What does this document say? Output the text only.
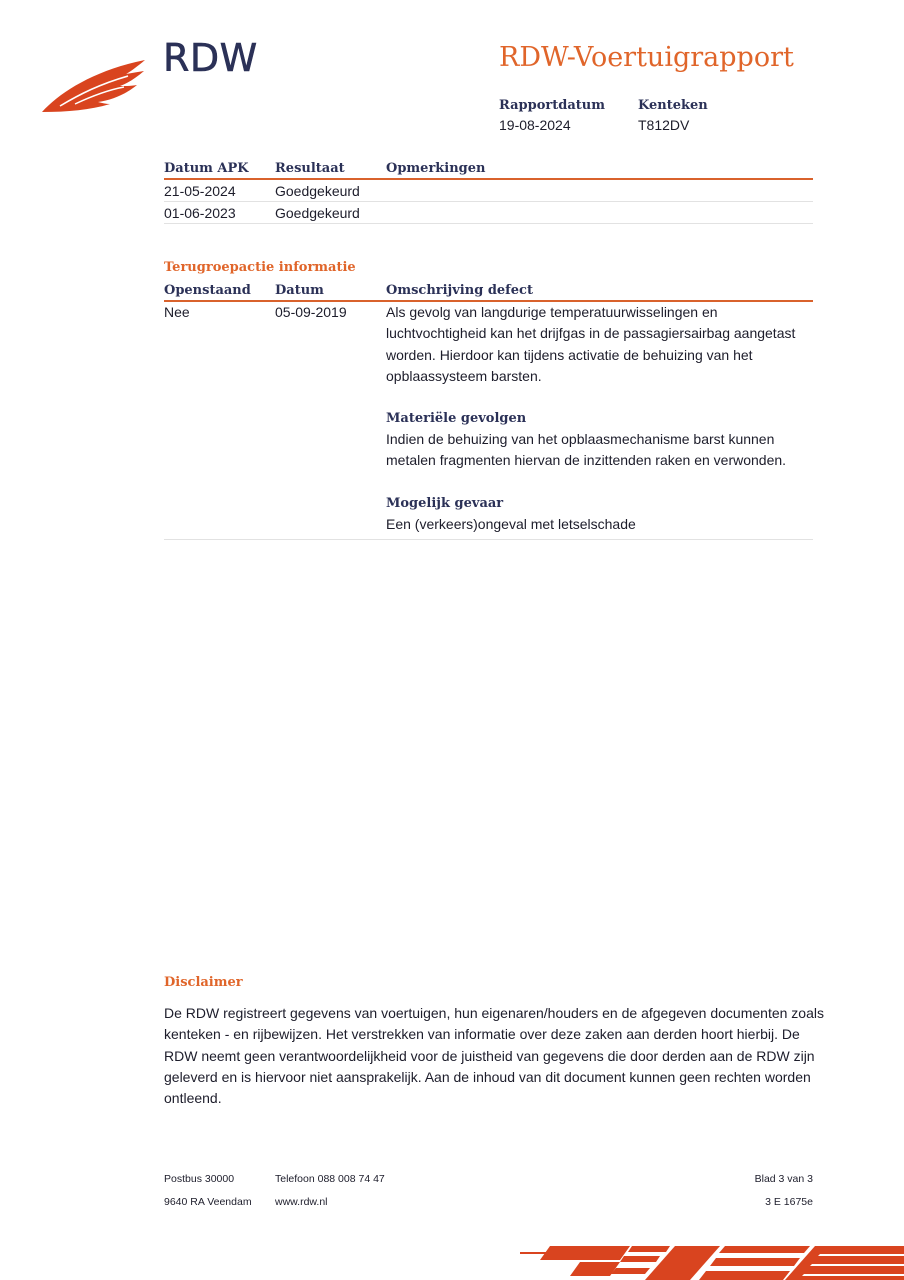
RDW	RDW-Voertuigrapport
Rapportdatum
19-08-2024
Kenteken
T812DV
Datum APK	Resultaat	Opmerkingen
21-05-2024	Goedgekeurd
01-06-2023	Goedgekeurd
Terugroepactie informatie
Openstaand	Datum	Omschrijving defect
Nee	05-09-2019	Als gevolg van langdurige temperatuurwisselingen en

luchtvochtigheid kan het drijfgas in de passagiersairbag aangetast

worden. Hierdoor kan tijdens activatie de behuizing van het

opblaassysteem barsten.

Materiële gevolgen

Indien de behuizing van het opblaasmechanisme barst kunnen

metalen fragmenten hiervan de inzittenden raken en verwonden.

Mogelijk gevaar

Een (verkeers)ongeval met letselschade

Disclaimer
De RDW registreert gegevens van voertuigen, hun eigenaren/houders en de afgegeven documenten zoals
kenteken - en rijbewijzen. Het verstrekken van informatie over deze zaken aan derden hoort hierbij. De
RDW neemt geen verantwoordelijkheid voor de juistheid van gegevens die door derden aan de RDW zijn
geleverd en is hiervoor niet aansprakelijk. Aan de inhoud van dit document kunnen geen rechten worden
ontleend.
Postbus 30000
9640 RA Veendam
Telefoon 088 008 74 47
www.rdw.nl
Blad 3 van 3
3 E 1675e
